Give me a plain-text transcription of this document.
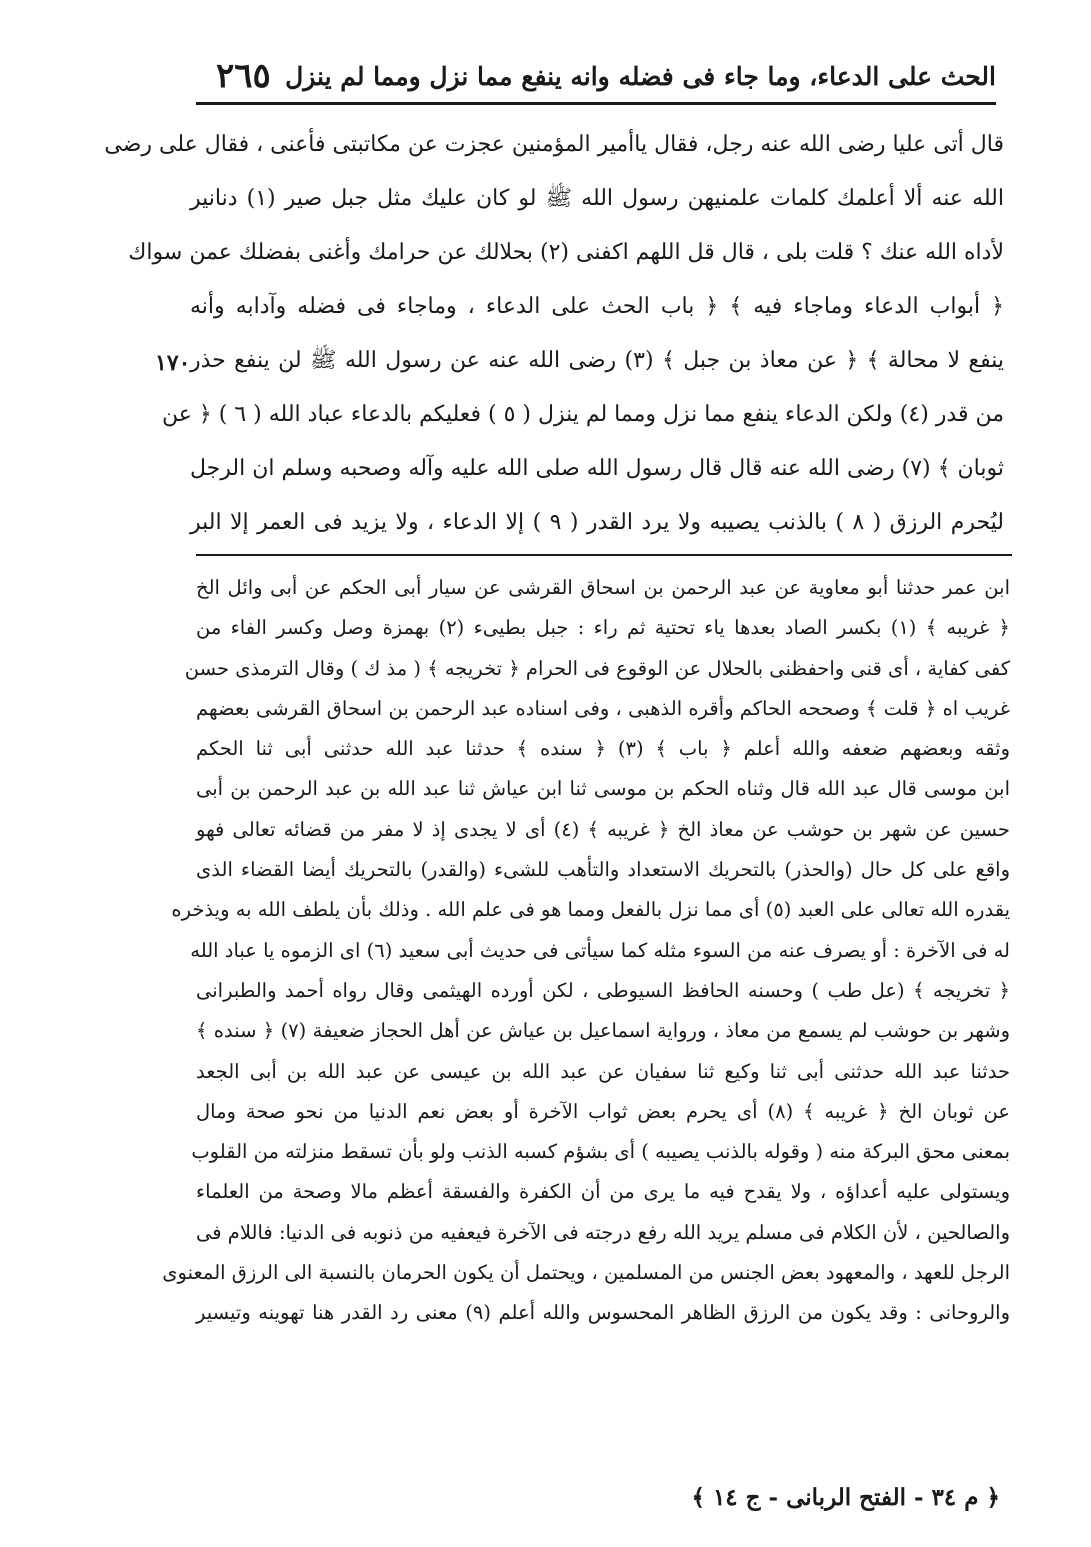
الحث على الدعاء، وما جاء فى فضله وانه ينفع مما نزل ومما لم ينزل
٢٦٥
١٧٠
قال أتى عليا رضى الله عنه رجل، فقال ياأمير المؤمنين عجزت عن مكاتبتى فأعنى ، فقال على رضى
الله عنه ألا أعلمك كلمات علمنيهن رسول الله ﷺ لو كان عليك مثل جبل صير (١) دنانير
لأداه الله عنك ؟ قلت بلى ، قال قل اللهم اكفنى (٢) بحلالك عن حرامك وأغنى بفضلك عمن سواك
﴿ أبواب الدعاء وماجاء فيه ﴾ ﴿ باب الحث على الدعاء ، وماجاء فى فضله وآدابه وأنه
ينفع لا محالة ﴾ ﴿ عن معاذ بن جبل ﴾ (٣) رضى الله عنه عن رسول الله ﷺ لن ينفع حذر
من قدر (٤) ولكن الدعاء ينفع مما نزل ومما لم ينزل ( ٥ ) فعليكم بالدعاء عباد الله ( ٦ ) ﴿ عن
ثوبان ﴾ (٧) رضى الله عنه قال قال رسول الله صلى الله عليه وآله وصحبه وسلم ان الرجل
ليُحرم الرزق ( ٨ ) بالذنب يصيبه ولا يرد القدر ( ٩ ) إلا الدعاء ، ولا يزيد فى العمر إلا البر
ابن عمر حدثنا أبو معاوية عن عبد الرحمن بن اسحاق القرشى عن سيار أبى الحكم عن أبى وائل الخ
﴿ غريبه ﴾ (١) بكسر الصاد بعدها ياء تحتية ثم راء : جبل بطيىء (٢) بهمزة وصل وكسر الفاء من
كفى كفاية ، أى قنى واحفظنى بالحلال عن الوقوع فى الحرام ﴿ تخريجه ﴾ ( مذ ك ) وقال الترمذى حسن
غريب اه ﴿ قلت ﴾ وصححه الحاكم وأقره الذهبى ، وفى اسناده عبد الرحمن بن اسحاق القرشى بعضهم
وثقه وبعضهم ضعفه والله أعلم ﴿ باب ﴾ (٣) ﴿ سنده ﴾ حدثنا عبد الله حدثنى أبى ثنا الحكم
ابن موسى قال عبد الله قال وثناه الحكم بن موسى ثنا ابن عياش ثنا عبد الله بن عبد الرحمن بن أبى
حسين عن شهر بن حوشب عن معاذ الخ ﴿ غريبه ﴾ (٤) أى لا يجدى إذ لا مفر من قضائه تعالى فهو
واقع على كل حال (والحذر) بالتحريك الاستعداد والتأهب للشىء (والقدر) بالتحريك أيضا القضاء الذى
يقدره الله تعالى على العبد (٥) أى مما نزل بالفعل ومما هو فى علم الله . وذلك بأن يلطف الله به ويذخره
له فى الآخرة : أو يصرف عنه من السوء مثله كما سيأتى فى حديث أبى سعيد (٦) اى الزموه يا عباد الله
﴿ تخريجه ﴾ (عل طب ) وحسنه الحافظ السيوطى ، لكن أورده الهيثمى وقال رواه أحمد والطبرانى
وشهر بن حوشب لم يسمع من معاذ ، ورواية اسماعيل بن عياش عن أهل الحجاز ضعيفة (٧) ﴿ سنده ﴾
حدثنا عبد الله حدثنى أبى ثنا وكيع ثنا سفيان عن عبد الله بن عيسى عن عبد الله بن أبى الجعد
عن ثوبان الخ ﴿ غريبه ﴾ (٨) أى يحرم بعض ثواب الآخرة أو بعض نعم الدنيا من نحو صحة ومال
بمعنى محق البركة منه ( وقوله بالذنب يصيبه ) أى بشؤم كسبه الذنب ولو بأن تسقط منزلته من القلوب
ويستولى عليه أعداؤه ، ولا يقدح فيه ما يرى من أن الكفرة والفسقة أعظم مالا وصحة من العلماء
والصالحين ، لأن الكلام فى مسلم يريد الله رفع درجته فى الآخرة فيعفيه من ذنوبه فى الدنيا: فاللام فى
الرجل للعهد ، والمعهود بعض الجنس من المسلمين ، ويحتمل أن يكون الحرمان بالنسبة الى الرزق المعنوى
والروحانى : وقد يكون من الرزق الظاهر المحسوس والله أعلم (٩) معنى رد القدر هنا تهوينه وتيسير
﴿ م ٣٤ - الفتح الربانى - ج ١٤ ﴾
